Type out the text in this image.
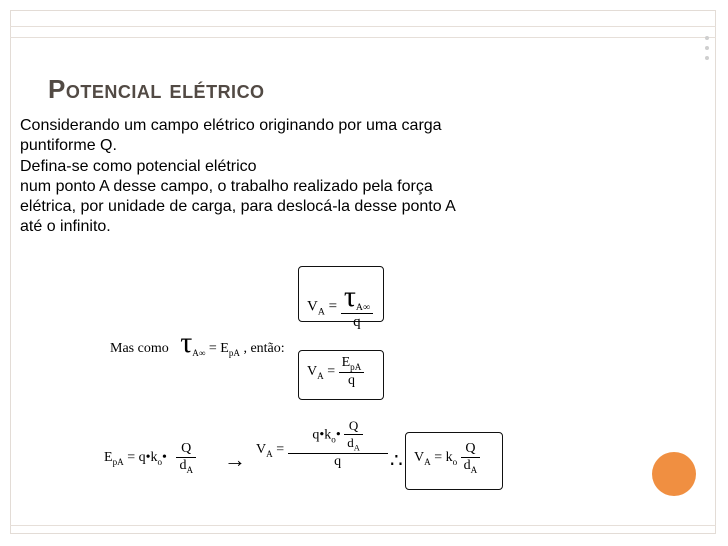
Potencial elétrico
Considerando um campo elétrico originando por uma carga
puntiforme Q.
Defina-se como potencial elétrico
num ponto A desse campo, o trabalho realizado pela força
elétrica, por unidade de carga, para deslocá-la desse ponto A
até o infinito.
$V_A = \frac{\tau_{A\infty}}{q}$
Mas como $\tau_{A\infty} = E_{pA}$ , então:
$V_A = \frac{E_{pA}}{q}$
$E_{pA}$ = $q•k_o• \frac{Q}{d_A} \to V_A = \frac{q•k_o• \frac{Q}{d_A}}{q}$ ∴ $V_A = k_o \frac{Q}{d_A}$
